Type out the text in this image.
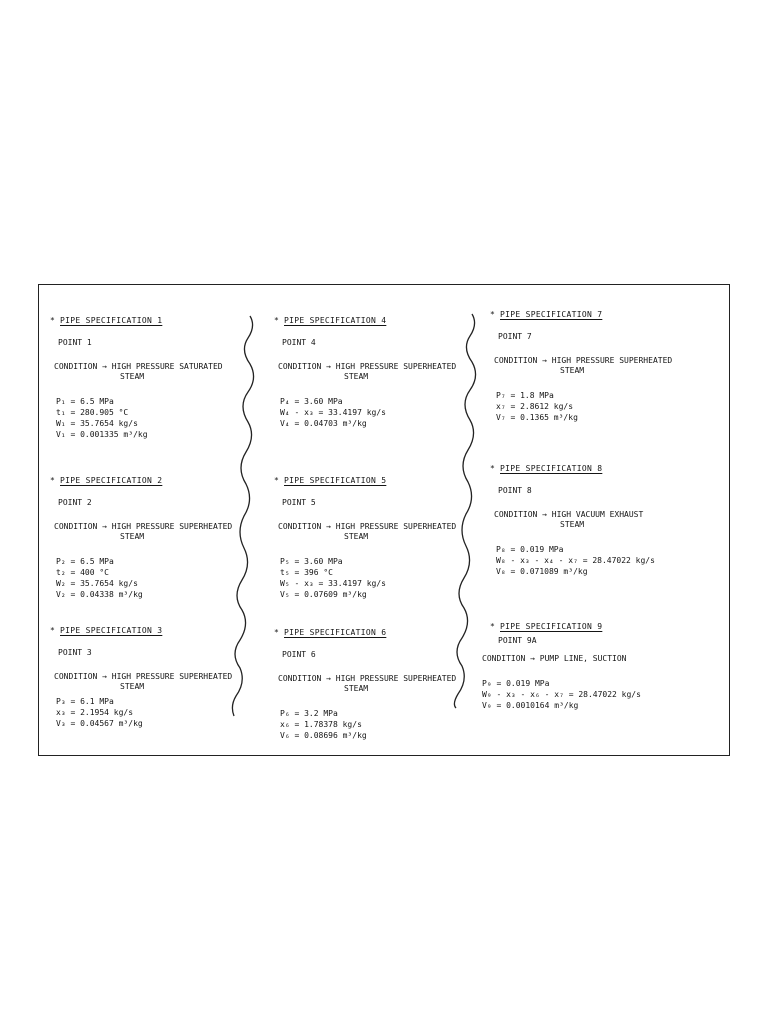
* PIPE SPECIFICATION 1
POINT 1
CONDITION → HIGH PRESSURE SATURATED
STEAM
P₁ = 6.5 MPa
t₁ = 280.905 °C
W₁ = 35.7654 kg/s
V₁ = 0.001335 m³/kg
* PIPE SPECIFICATION 2
POINT 2
CONDITION → HIGH PRESSURE SUPERHEATED
STEAM
P₂ = 6.5 MPa
t₂ = 400 °C
W₂ = 35.7654 kg/s
V₂ = 0.04338 m³/kg
* PIPE SPECIFICATION 3
POINT 3
CONDITION → HIGH PRESSURE SUPERHEATED
STEAM
P₃ = 6.1 MPa
x₃ = 2.1954 kg/s
V₃ = 0.04567 m³/kg
* PIPE SPECIFICATION 4
POINT 4
CONDITION → HIGH PRESSURE SUPERHEATED
STEAM
P₄ = 3.60 MPa
W₄ - x₃ = 33.4197 kg/s
V₄ = 0.04703 m³/kg
* PIPE SPECIFICATION 5
POINT 5
CONDITION → HIGH PRESSURE SUPERHEATED
STEAM
P₅ = 3.60 MPa
t₅ = 396 °C
W₅ - x₃ = 33.4197 kg/s
V₅ = 0.07609 m³/kg
* PIPE SPECIFICATION 6
POINT 6
CONDITION → HIGH PRESSURE SUPERHEATED
STEAM
P₆ = 3.2 MPa
x₆ = 1.78378 kg/s
V₆ = 0.08696 m³/kg
* PIPE SPECIFICATION 7
POINT 7
CONDITION → HIGH PRESSURE SUPERHEATED
STEAM
P₇ = 1.8 MPa
x₇ = 2.8612 kg/s
V₇ = 0.1365 m³/kg
* PIPE SPECIFICATION 8
POINT 8
CONDITION → HIGH VACUUM EXHAUST
STEAM
P₈ = 0.019 MPa
W₈ - x₃ - x₄ - x₇ = 28.47022 kg/s
V₈ = 0.071089 m³/kg
* PIPE SPECIFICATION 9
POINT 9A
CONDITION → PUMP LINE, SUCTION
P₉ = 0.019 MPa
W₉ - x₃ - x₆ - x₇ = 28.47022 kg/s
V₉ = 0.0010164 m³/kg
